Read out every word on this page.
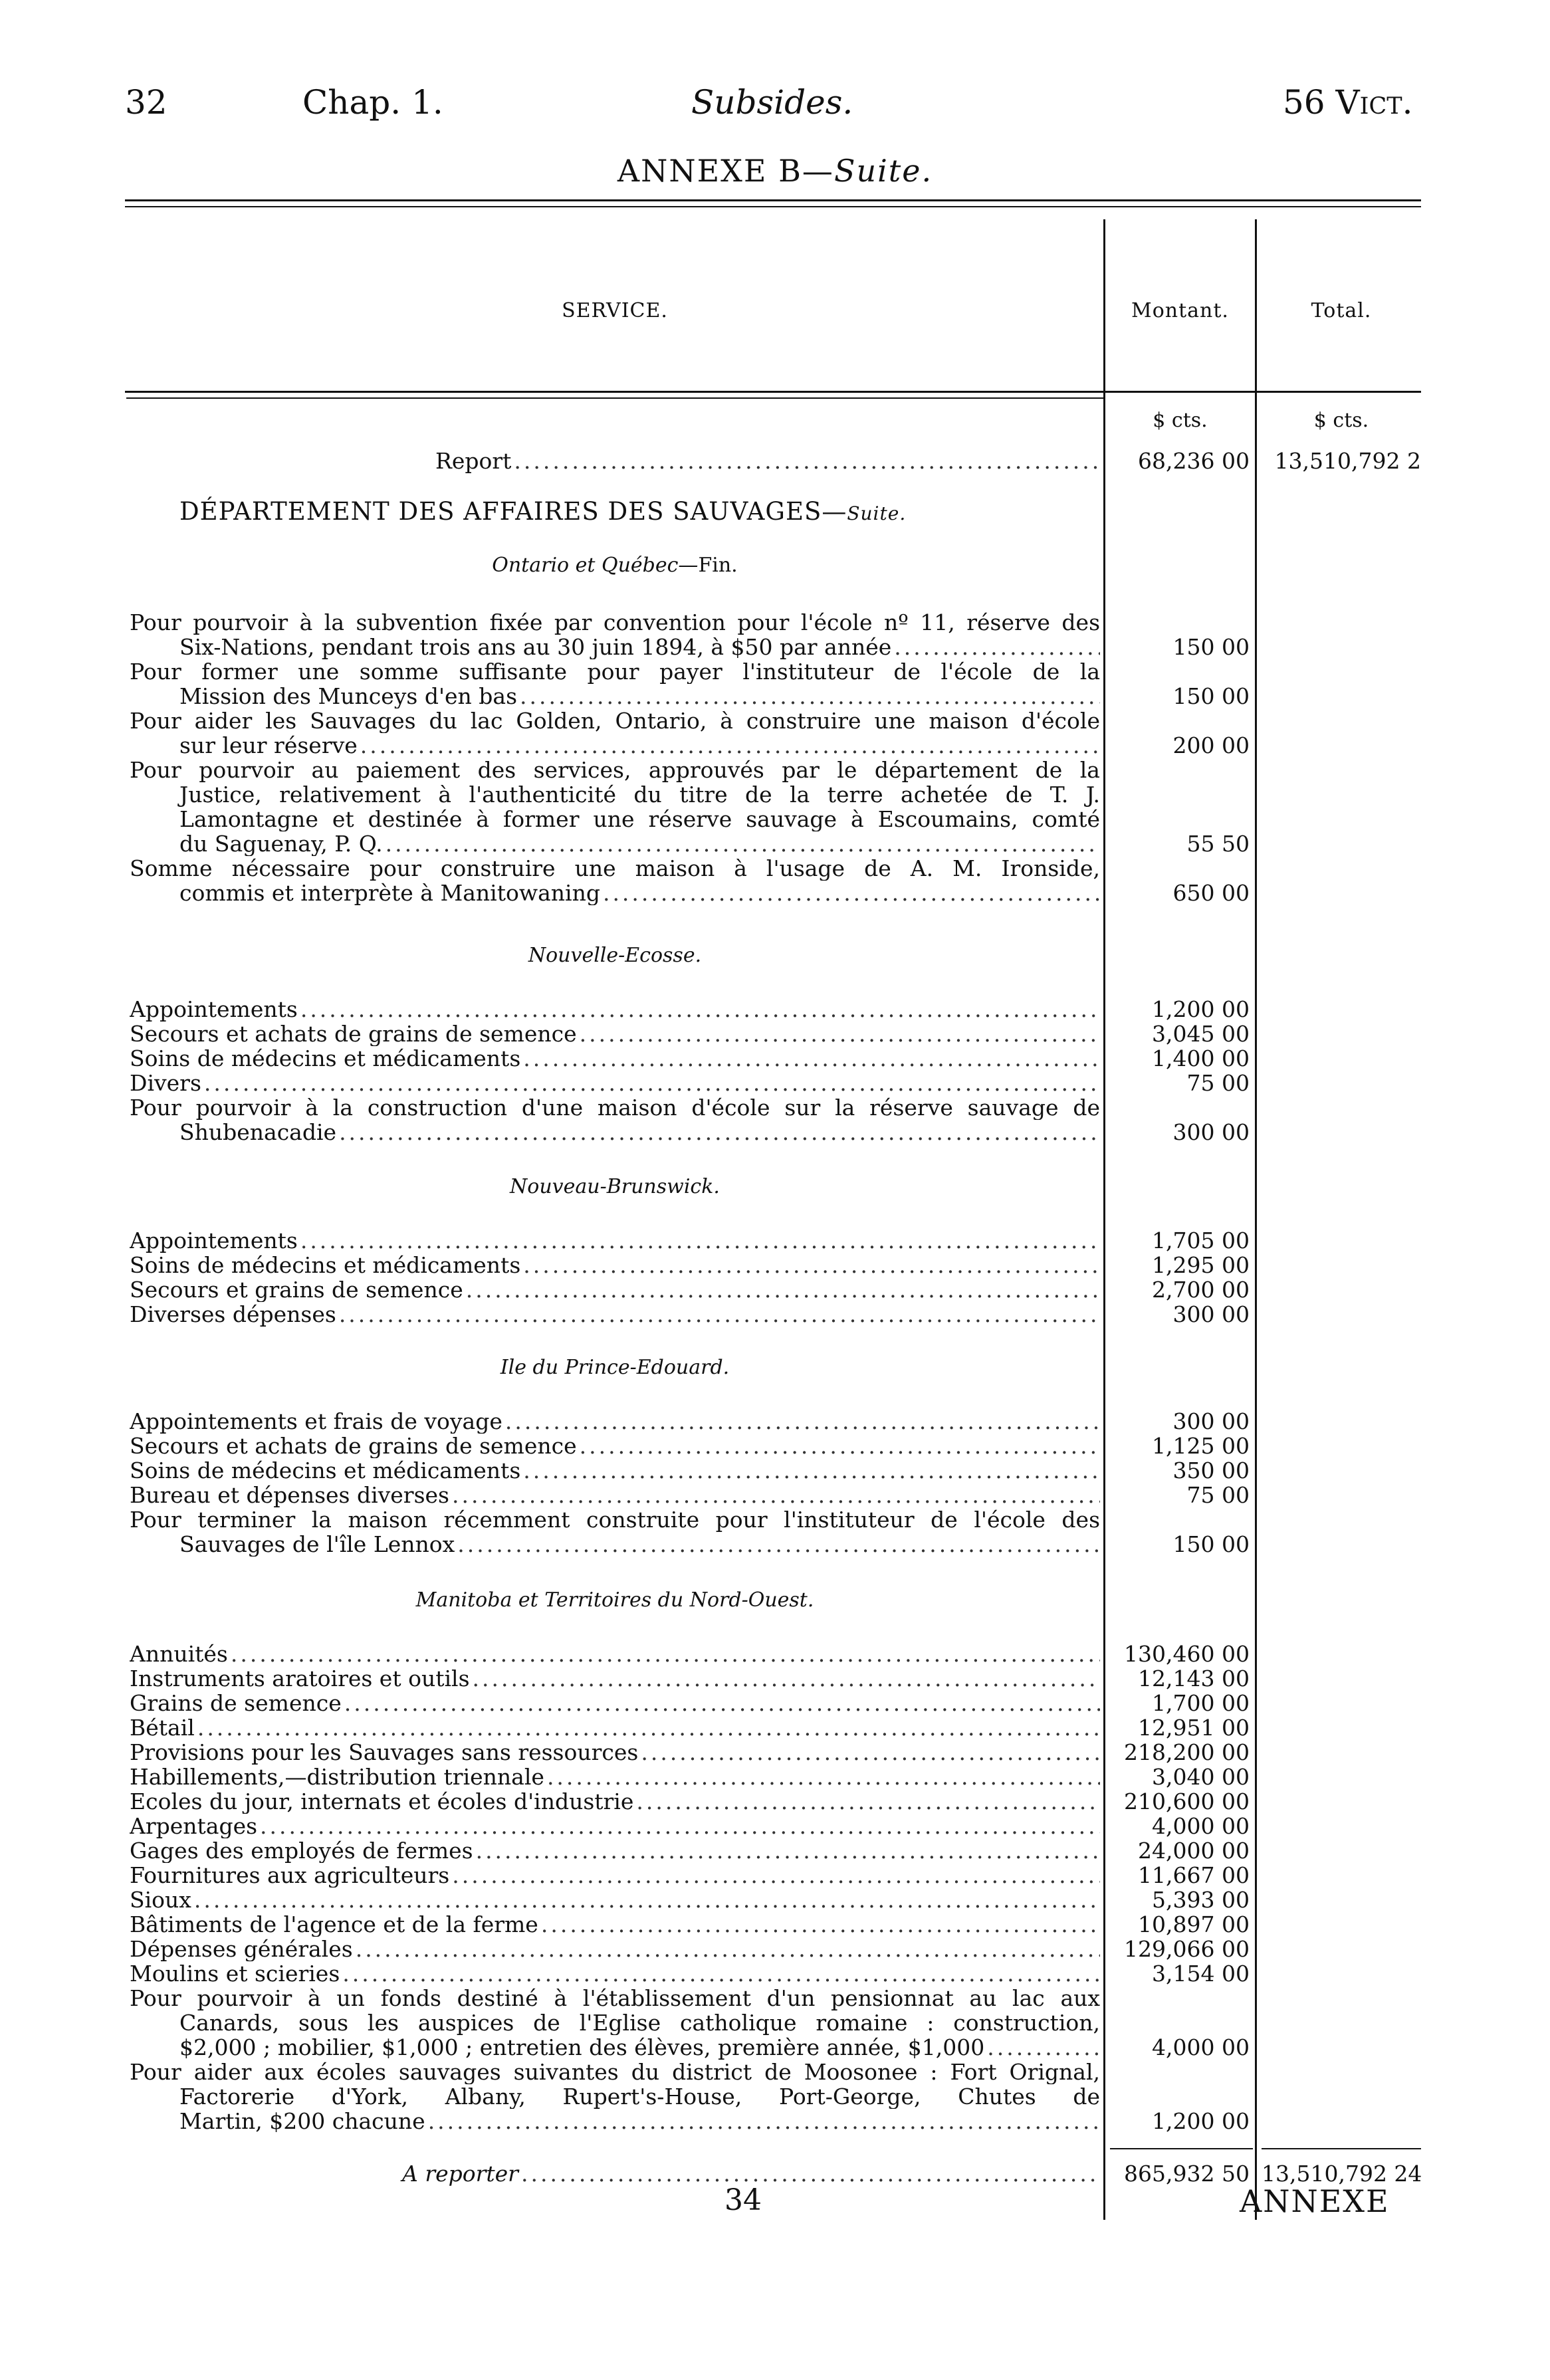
32	Chap. 1.	Subsides.	56 Vict.
ANNEXE B—Suite.
SERVICE.	Montant.	Total.
$ cts.	$ cts.
Report .....	68,236 00	13,510,792 2
DÉPARTEMENT DES AFFAIRES DES SAUVAGES—Suite.
Ontario et Québec—Fin.
Pour pourvoir à la subvention fixée par convention pour l'école nº 11, réserve des
Six-Nations, pendant trois ans au 30 juin 1894, à $50 par année .....	150 00
Pour former une somme suffisante pour payer l'instituteur de l'école de la
Mission des Munceys d'en bas .....	150 00
Pour aider les Sauvages du lac Golden, Ontario, à construire une maison d'école
sur leur réserve .....	200 00
Pour pourvoir au paiement des services, approuvés par le département de la
Justice, relativement à l'authenticité du titre de la terre achetée de T. J.
Lamontagne et destinée à former une réserve sauvage à Escoumains, comté
du Saguenay, P. Q. .....	55 50
Somme nécessaire pour construire une maison à l'usage de A. M. Ironside,
commis et interprète à Manitowaning .....	650 00
Nouvelle-Ecosse.
Appointements .....	1,200 00
Secours et achats de grains de semence .....	3,045 00
Soins de médecins et médicaments .....	1,400 00
Divers .....	75 00
Pour pourvoir à la construction d'une maison d'école sur la réserve sauvage de
Shubenacadie .....	300 00
Nouveau-Brunswick.
Appointements .....	1,705 00
Soins de médecins et médicaments .....	1,295 00
Secours et grains de semence .....	2,700 00
Diverses dépenses .....	300 00
Ile du Prince-Edouard.
Appointements et frais de voyage .....	300 00
Secours et achats de grains de semence .....	1,125 00
Soins de médecins et médicaments .....	350 00
Bureau et dépenses diverses .....	75 00
Pour terminer la maison récemment construite pour l'instituteur de l'école des
Sauvages de l'île Lennox .....	150 00
Manitoba et Territoires du Nord-Ouest.
Annuités .....	130,460 00
Instruments aratoires et outils .....	12,143 00
Grains de semence .....	1,700 00
Bétail .....	12,951 00
Provisions pour les Sauvages sans ressources .....	218,200 00
Habillements,—distribution triennale .....	3,040 00
Ecoles du jour, internats et écoles d'industrie .....	210,600 00
Arpentages .....	4,000 00
Gages des employés de fermes .....	24,000 00
Fournitures aux agriculteurs .....	11,667 00
Sioux .....	5,393 00
Bâtiments de l'agence et de la ferme .....	10,897 00
Dépenses générales .....	129,066 00
Moulins et scieries .....	3,154 00
Pour pourvoir à un fonds destiné à l'établissement d'un pensionnat au lac aux
Canards, sous les auspices de l'Eglise catholique romaine : construction,
$2,000 ; mobilier, $1,000 ; entretien des élèves, première année, $1,000 .....	4,000 00
Pour aider aux écoles sauvages suivantes du district de Moosonee : Fort Orignal,
Factorerie d'York, Albany, Rupert's-House, Port-George, Chutes de
Martin, $200 chacune .....	1,200 00
A reporter .....	865,932 50 13,510,792 24
34	ANNEXE
